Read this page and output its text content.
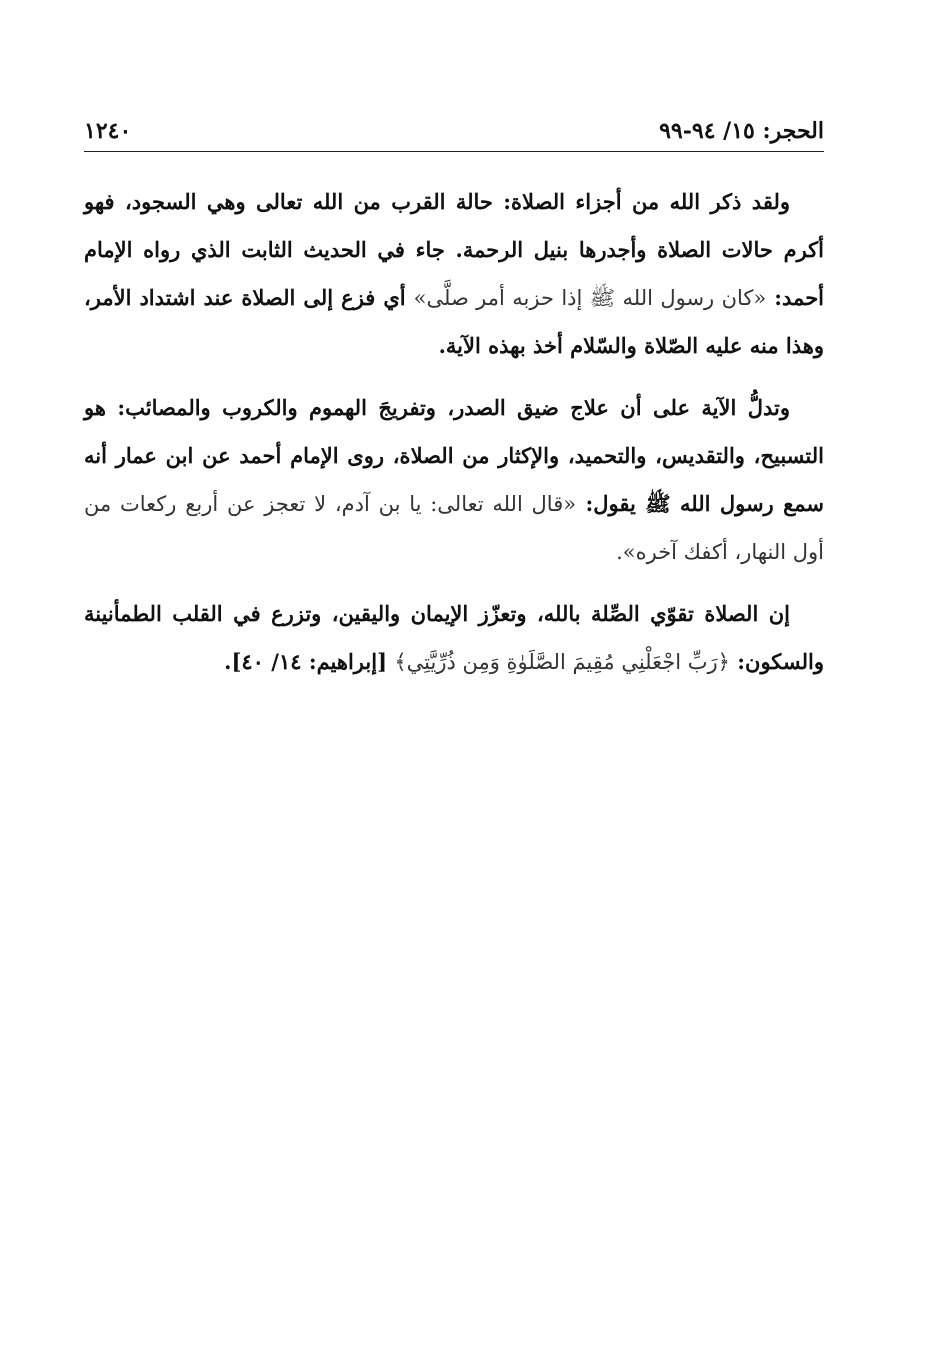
الحجر: ١٥/ ٩٤-٩٩
١٢٤٠

ولقد ذكر الله من أجزاء الصلاة: حالة القرب من الله تعالى وهي السجود، فهو أكرم حالات الصلاة وأجدرها بنيل الرحمة. جاء في الحديث الثابت الذي رواه الإمام أحمد: «كان رسول الله ﷺ إذا حزبه أمر صلَّى» أي فزع إلى الصلاة عند اشتداد الأمر، وهذا منه عليه الصّلاة والسّلام أخذ بهذه الآية.

وتدلُّ الآية على أن علاج ضيق الصدر، وتفريجَ الهموم والكروب والمصائب: هو التسبيح، والتقديس، والتحميد، والإكثار من الصلاة، روى الإمام أحمد عن ابن عمار أنه سمع رسول الله ﷺ يقول: «قال الله تعالى: يا بن آدم، لا تعجز عن أربع ركعات من أول النهار، أكفك آخره».

إن الصلاة تقوّي الصِّلة بالله، وتعزّز الإيمان واليقين، وتزرع في القلب الطمأنينة والسكون: ﴿رَبِّ اجْعَلْنِي مُقِيمَ الصَّلَوٰةِ وَمِن ذُرِّيَّتِي﴾ [إبراهيم: ١٤/ ٤٠].
